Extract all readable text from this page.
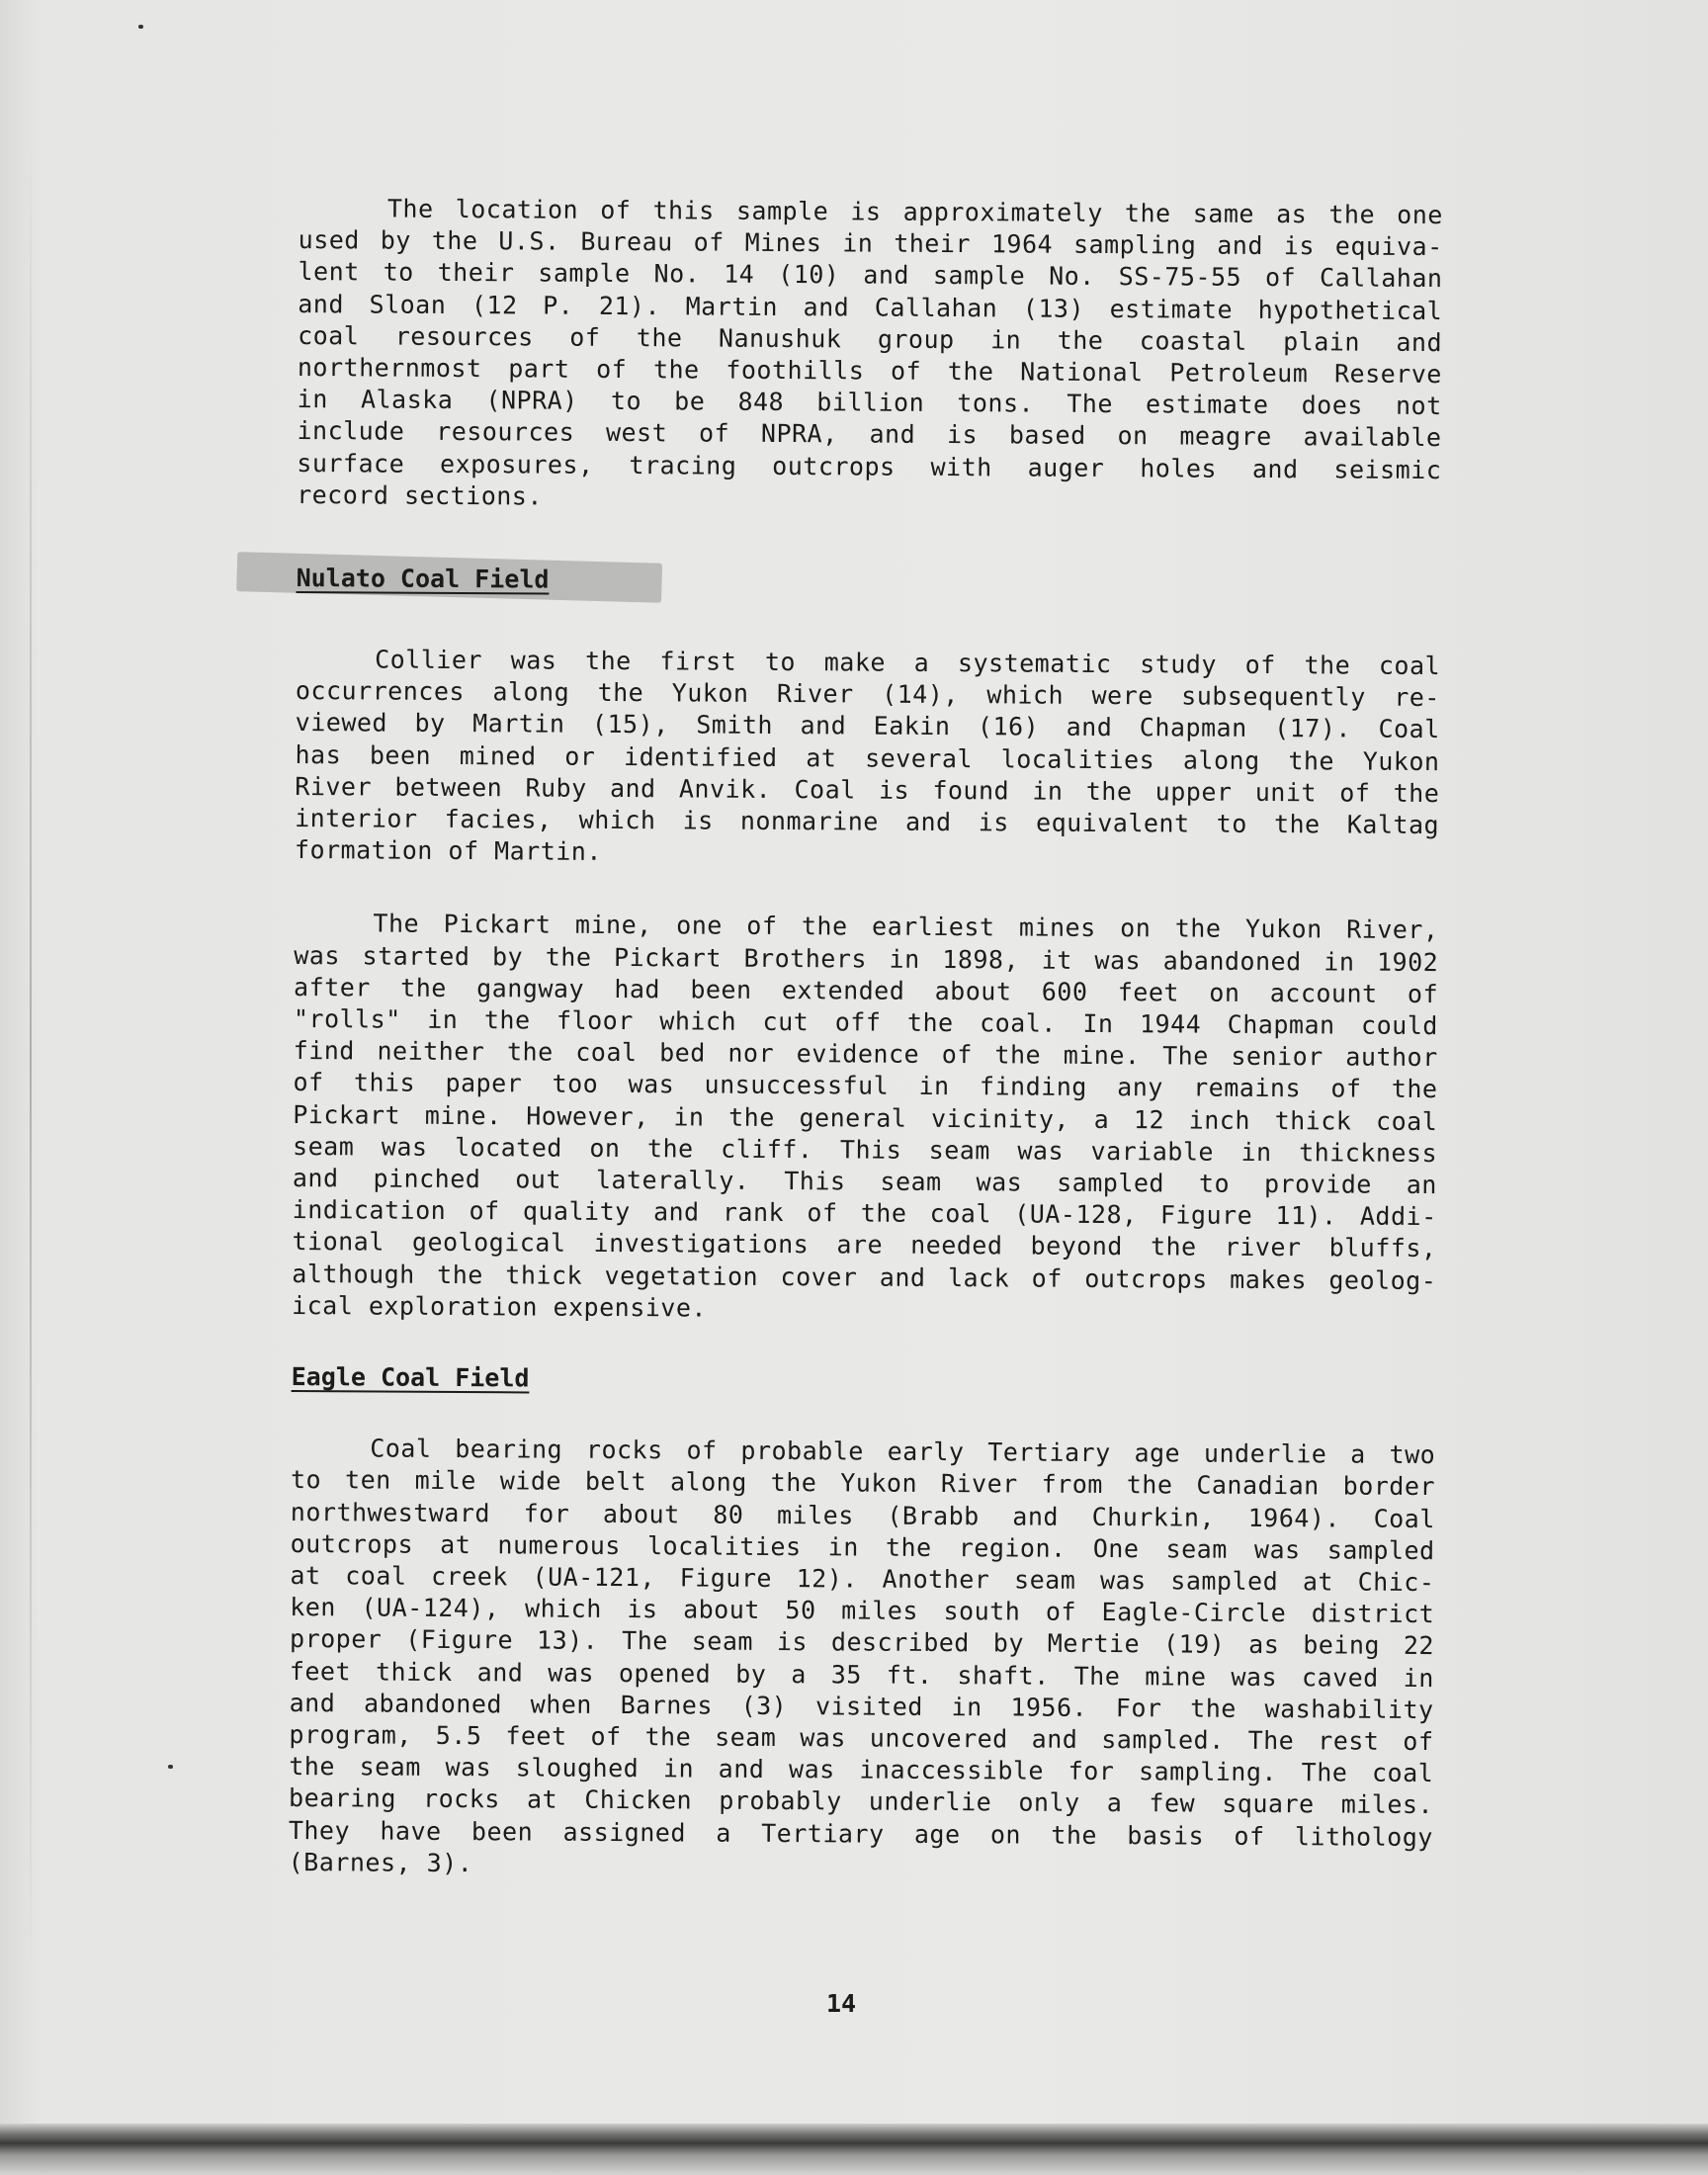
The location of this sample is approximately the same as the one
used by the U.S. Bureau of Mines in their 1964 sampling and is equiva-
lent to their sample No. 14 (10) and sample No. SS-75-55 of Callahan
and Sloan (12 P. 21). Martin and Callahan (13) estimate hypothetical
coal resources of the Nanushuk group in the coastal plain and
northernmost part of the foothills of the National Petroleum Reserve
in Alaska (NPRA) to be 848 billion tons. The estimate does not
include resources west of NPRA, and is based on meagre available
surface exposures, tracing outcrops with auger holes and seismic
record sections.
Nulato Coal Field
Collier was the first to make a systematic study of the coal
occurrences along the Yukon River (14), which were subsequently re-
viewed by Martin (15), Smith and Eakin (16) and Chapman (17). Coal
has been mined or identified at several localities along the Yukon
River between Ruby and Anvik. Coal is found in the upper unit of the
interior facies, which is nonmarine and is equivalent to the Kaltag
formation of Martin.
The Pickart mine, one of the earliest mines on the Yukon River,
was started by the Pickart Brothers in 1898, it was abandoned in 1902
after the gangway had been extended about 600 feet on account of
"rolls" in the floor which cut off the coal. In 1944 Chapman could
find neither the coal bed nor evidence of the mine. The senior author
of this paper too was unsuccessful in finding any remains of the
Pickart mine. However, in the general vicinity, a 12 inch thick coal
seam was located on the cliff. This seam was variable in thickness
and pinched out laterally. This seam was sampled to provide an
indication of quality and rank of the coal (UA-128, Figure 11). Addi-
tional geological investigations are needed beyond the river bluffs,
although the thick vegetation cover and lack of outcrops makes geolog-
ical exploration expensive.
Eagle Coal Field
Coal bearing rocks of probable early Tertiary age underlie a two
to ten mile wide belt along the Yukon River from the Canadian border
northwestward for about 80 miles (Brabb and Churkin, 1964). Coal
outcrops at numerous localities in the region. One seam was sampled
at coal creek (UA-121, Figure 12). Another seam was sampled at Chic-
ken (UA-124), which is about 50 miles south of Eagle-Circle district
proper (Figure 13). The seam is described by Mertie (19) as being 22
feet thick and was opened by a 35 ft. shaft. The mine was caved in
and abandoned when Barnes (3) visited in 1956. For the washability
program, 5.5 feet of the seam was uncovered and sampled. The rest of
the seam was sloughed in and was inaccessible for sampling. The coal
bearing rocks at Chicken probably underlie only a few square miles.
They have been assigned a Tertiary age on the basis of lithology
(Barnes, 3).
14
